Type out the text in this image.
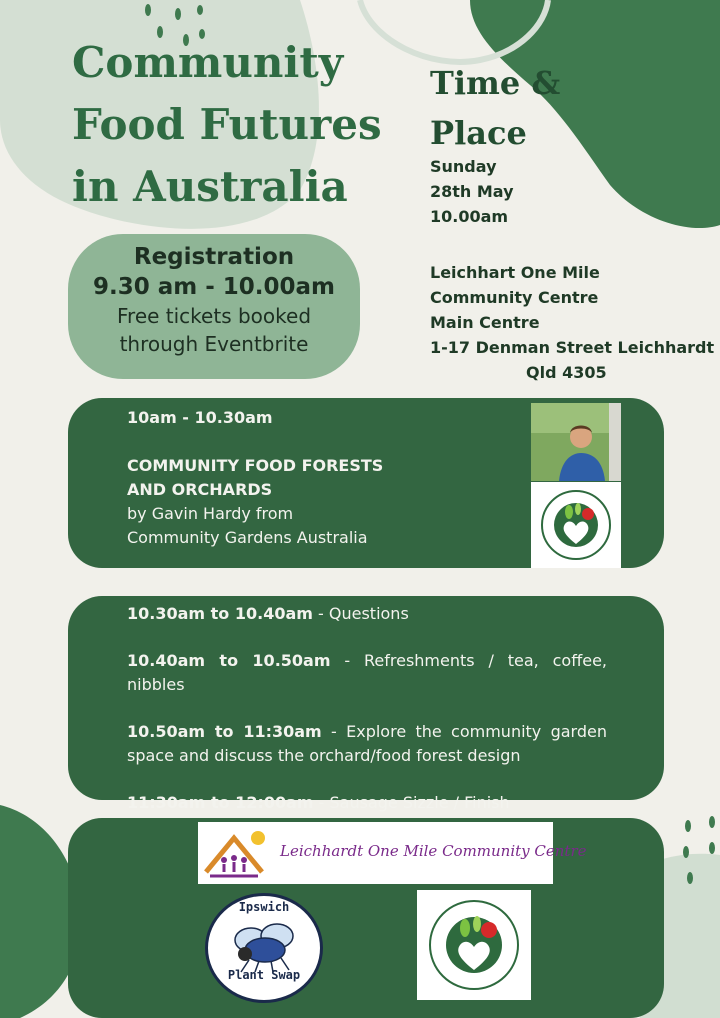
Community
Food Futures
in Australia
Time &
Place
Sunday
28th May
10.00am
Leichhart One Mile
Community Centre
Main Centre
1-17 Denman Street Leichhardt
Qld 4305
Registration
9.30 am - 10.00am
Free tickets booked
through Eventbrite
10am - 10.30am
COMMUNITY FOOD FORESTS
AND ORCHARDS
by Gavin Hardy from
Community Gardens Australia
10.30am to 10.40am - Questions
10.40am to 10.50am - Refreshments / tea, coffee, nibbles
10.50am to 11:30am - Explore the community garden space and discuss the orchard/food forest design
11:30am to 12:00am - Sausage Sizzle / Finish
Leichhardt One Mile Community Centre
Ipswich
Plant Swap
